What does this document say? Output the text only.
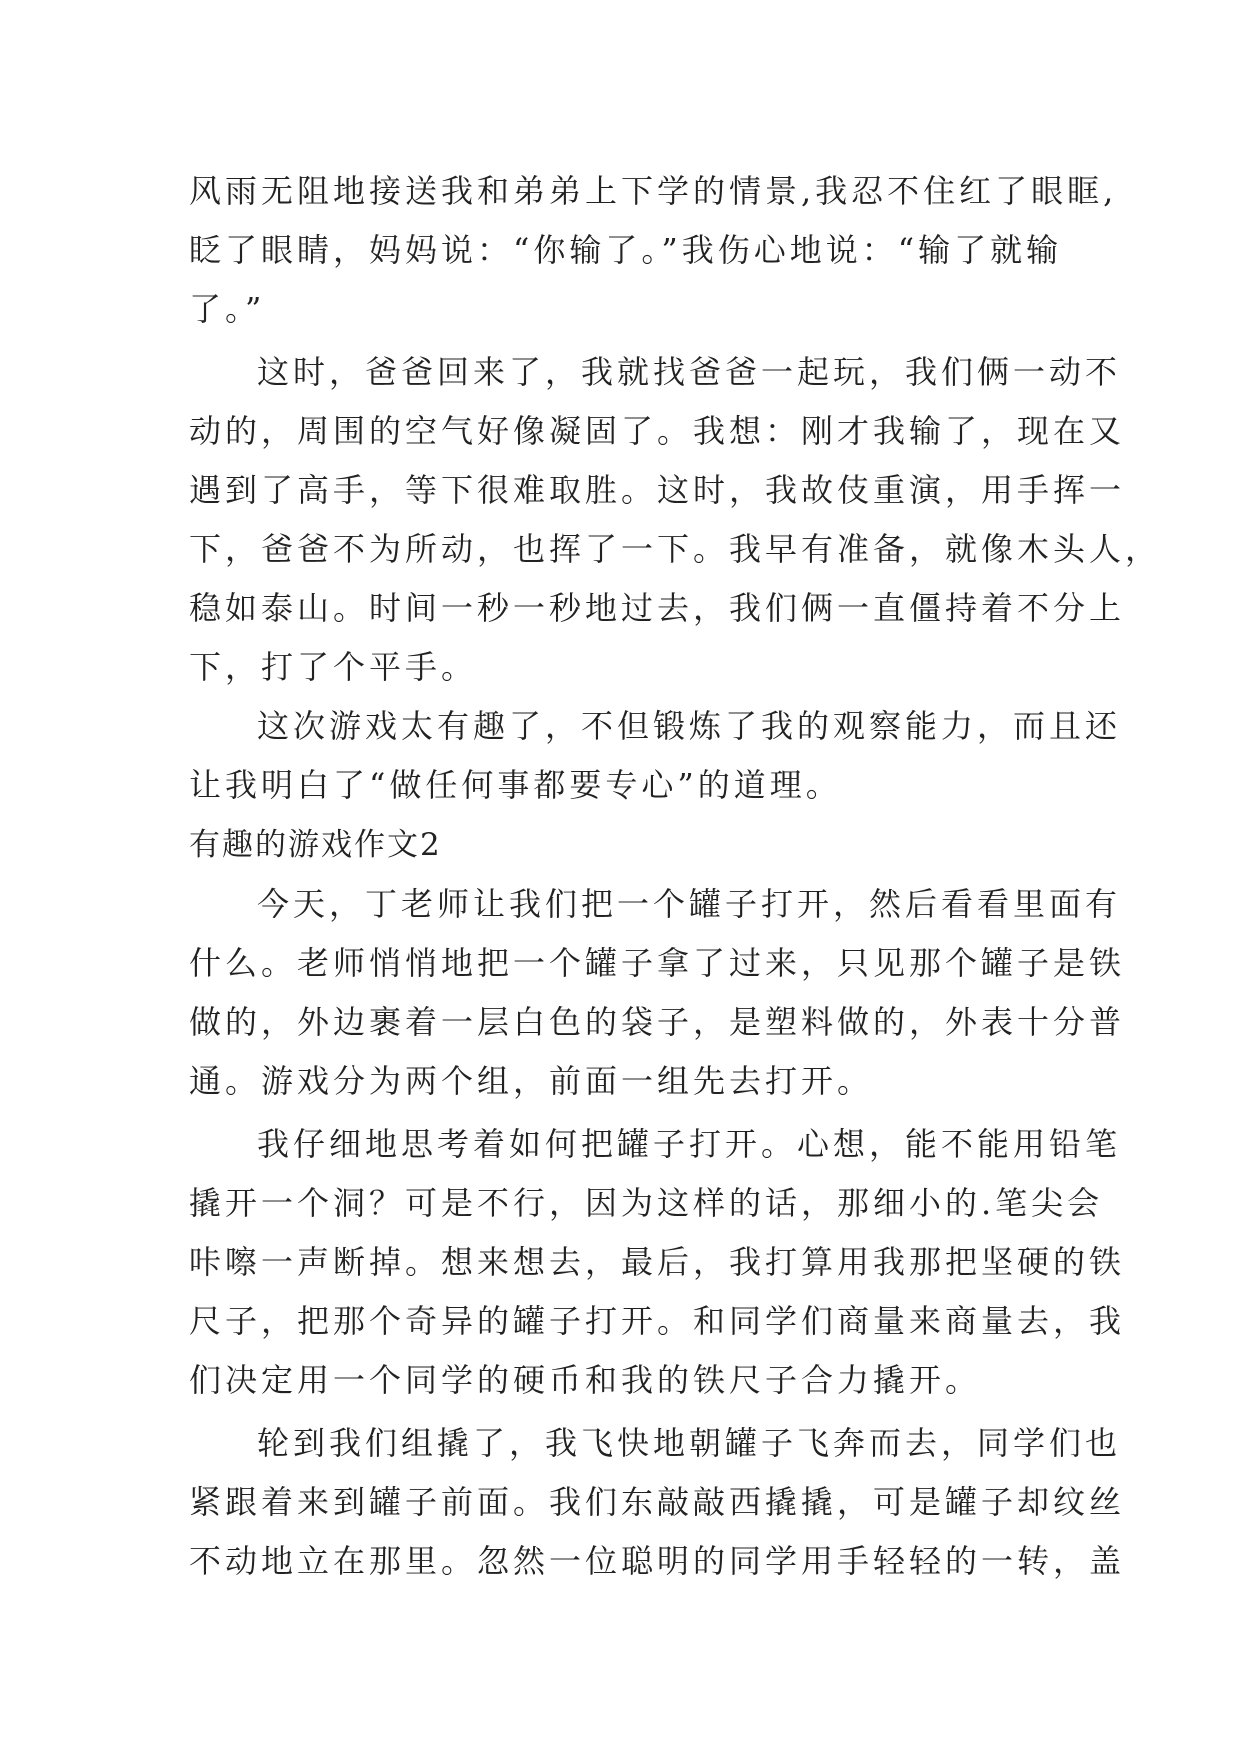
风雨无阻地接送我和弟弟上下学的情景,我忍不住红了眼眶,
眨了眼睛，妈妈说：“你输了。”我伤心地说：“输了就输
了。”
这时，爸爸回来了，我就找爸爸一起玩，我们俩一动不
动的，周围的空气好像凝固了。我想：刚才我输了，现在又
遇到了高手，等下很难取胜。这时，我故伎重演，用手挥一
下，爸爸不为所动，也挥了一下。我早有准备，就像木头人，
稳如泰山。时间一秒一秒地过去，我们俩一直僵持着不分上
下，打了个平手。
这次游戏太有趣了，不但锻炼了我的观察能力，而且还
让我明白了“做任何事都要专心”的道理。
有趣的游戏作文2
今天，丁老师让我们把一个罐子打开，然后看看里面有
什么。老师悄悄地把一个罐子拿了过来，只见那个罐子是铁
做的，外边裹着一层白色的袋子，是塑料做的，外表十分普
通。游戏分为两个组，前面一组先去打开。
我仔细地思考着如何把罐子打开。心想，能不能用铅笔
撬开一个洞？可是不行，因为这样的话，那细小的.笔尖会
咔嚓一声断掉。想来想去，最后，我打算用我那把坚硬的铁
尺子，把那个奇异的罐子打开。和同学们商量来商量去，我
们决定用一个同学的硬币和我的铁尺子合力撬开。
轮到我们组撬了，我飞快地朝罐子飞奔而去，同学们也
紧跟着来到罐子前面。我们东敲敲西撬撬，可是罐子却纹丝
不动地立在那里。忽然一位聪明的同学用手轻轻的一转，盖
